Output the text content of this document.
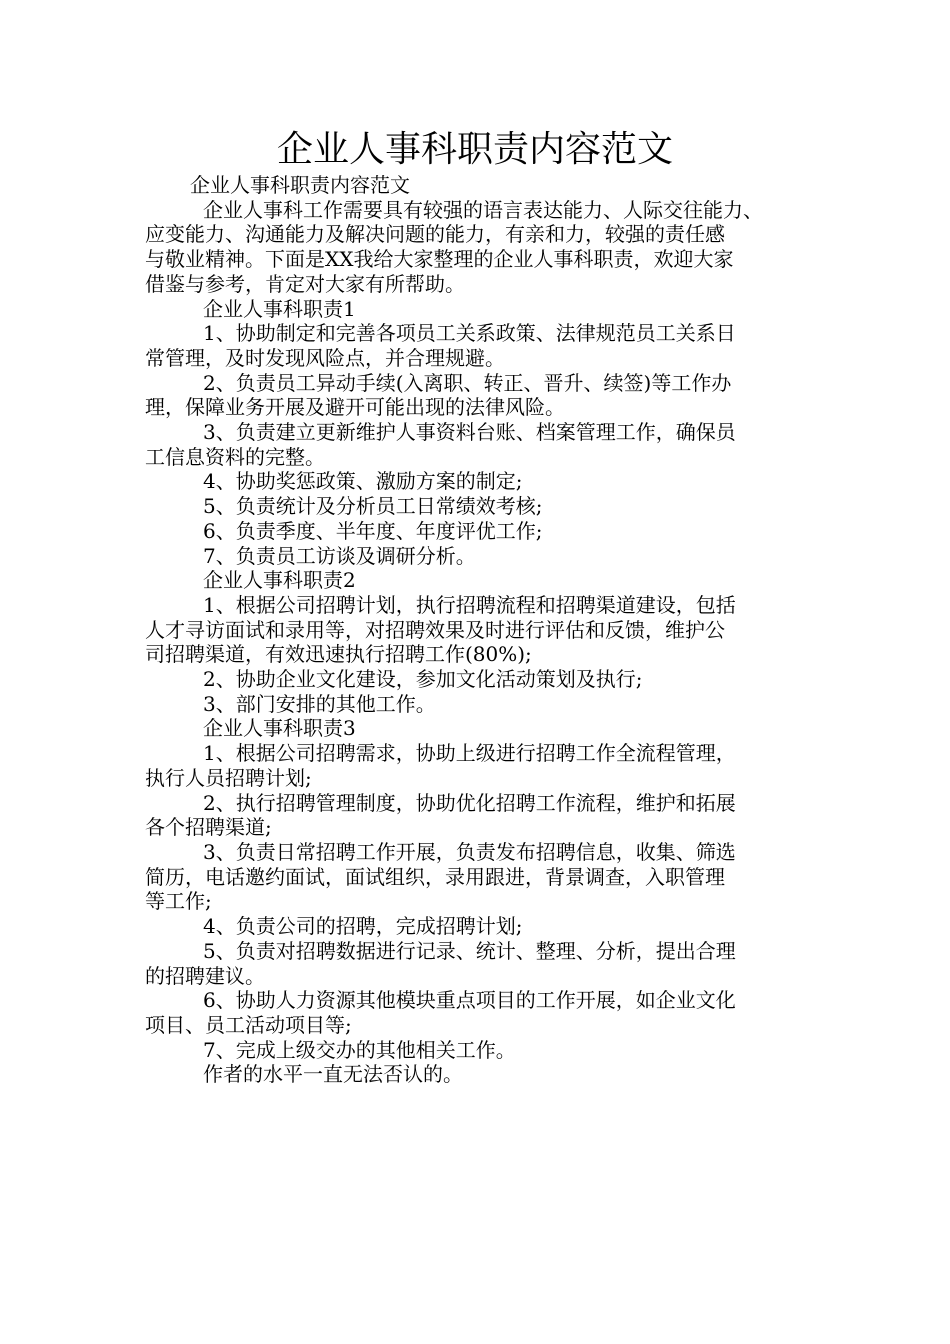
企业人事科职责内容范文

企业人事科职责内容范文

企业人事科工作需要具有较强的语言表达能力、人际交往能力、

应变能力、沟通能力及解决问题的能力，有亲和力，较强的责任感

与敬业精神。下面是XX我给大家整理的企业人事科职责，欢迎大家

借鉴与参考，肯定对大家有所帮助。

企业人事科职责1

1、协助制定和完善各项员工关系政策、法律规范员工关系日

常管理，及时发现风险点，并合理规避。

2、负责员工异动手续(入离职、转正、晋升、续签)等工作办

理，保障业务开展及避开可能出现的法律风险。

3、负责建立更新维护人事资料台账、档案管理工作，确保员

工信息资料的完整。

4、协助奖惩政策、激励方案的制定;

5、负责统计及分析员工日常绩效考核;

6、负责季度、半年度、年度评优工作;

7、负责员工访谈及调研分析。

企业人事科职责2

1、根据公司招聘计划，执行招聘流程和招聘渠道建设，包括

人才寻访面试和录用等，对招聘效果及时进行评估和反馈，维护公

司招聘渠道，有效迅速执行招聘工作(80%);

2、协助企业文化建设，参加文化活动策划及执行;

3、部门安排的其他工作。

企业人事科职责3

1、根据公司招聘需求，协助上级进行招聘工作全流程管理，

执行人员招聘计划;

2、执行招聘管理制度，协助优化招聘工作流程，维护和拓展

各个招聘渠道;

3、负责日常招聘工作开展，负责发布招聘信息，收集、筛选

简历，电话邀约面试，面试组织，录用跟进，背景调查，入职管理

等工作;

4、负责公司的招聘，完成招聘计划;

5、负责对招聘数据进行记录、统计、整理、分析，提出合理

的招聘建议。

6、协助人力资源其他模块重点项目的工作开展，如企业文化

项目、员工活动项目等;

7、完成上级交办的其他相关工作。

作者的水平一直无法否认的。
